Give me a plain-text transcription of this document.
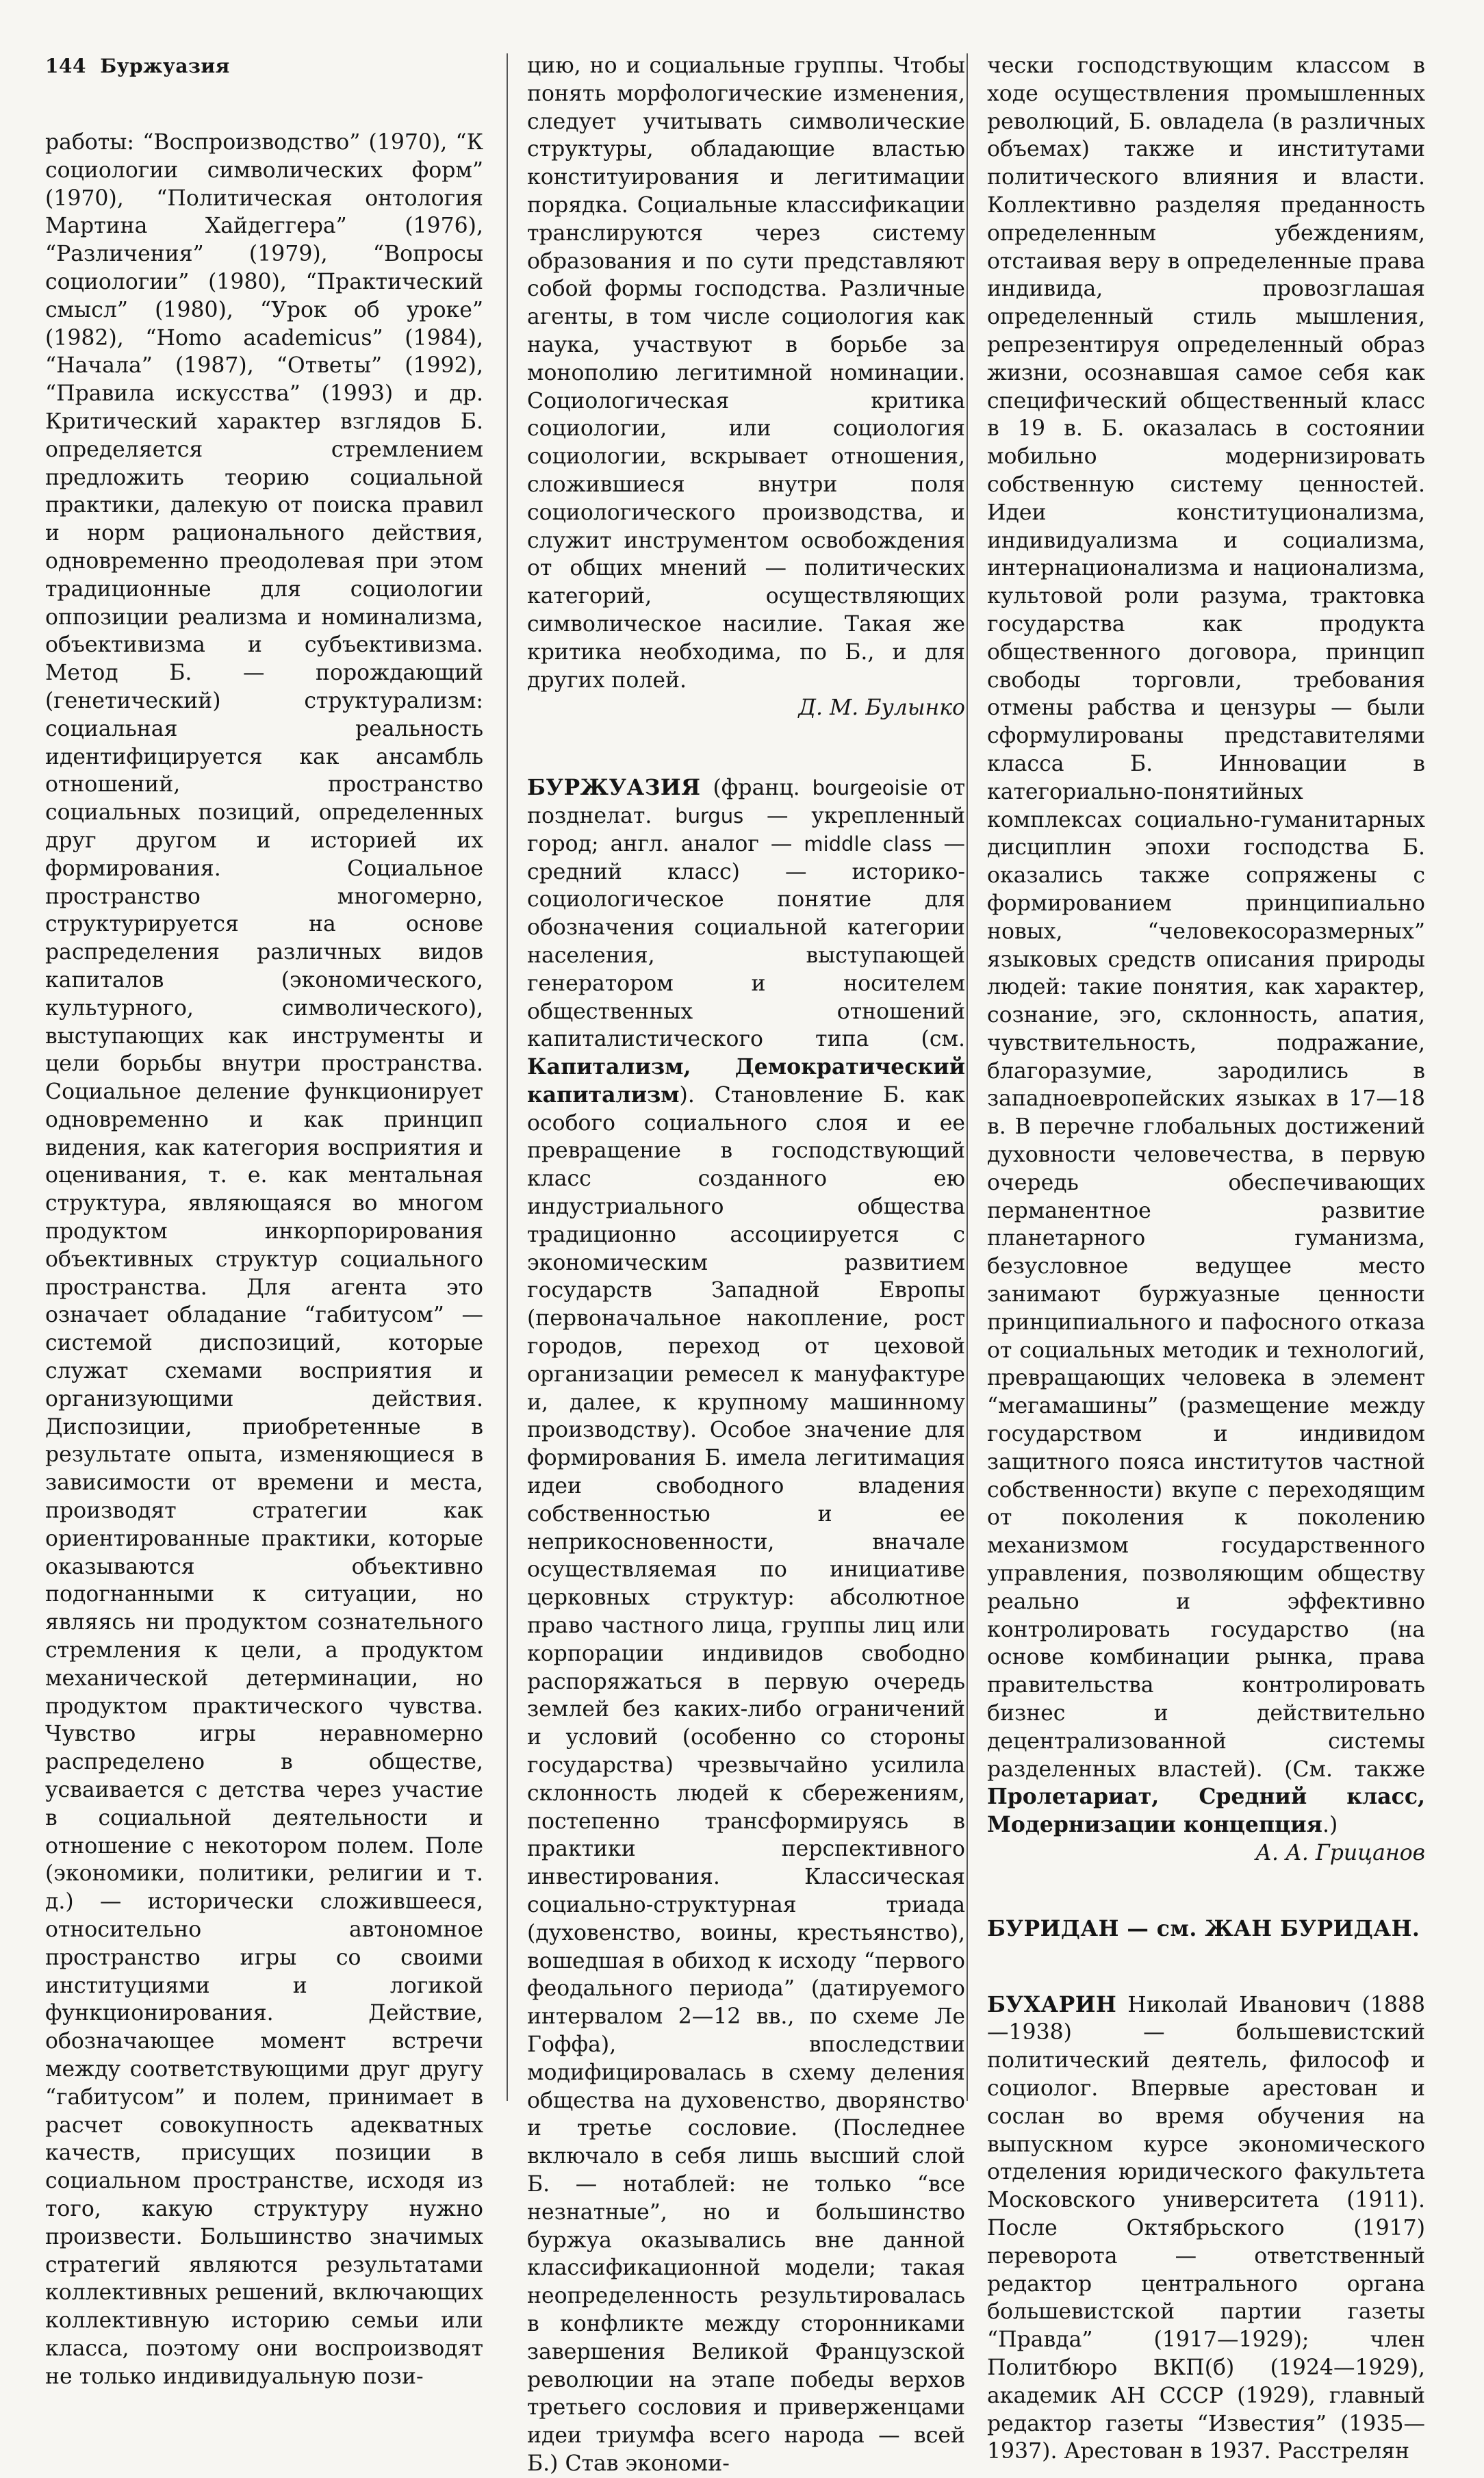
144 Буржуазия

работы: “Воспроизводство” (1970), “К социологии символических форм” (1970), “Политическая онтология Мартина Хайдеггера” (1976), “Различения” (1979), “Вопросы социологии” (1980), “Практический смысл” (1980), “Урок об уроке” (1982), “Homo academicus” (1984), “Начала” (1987), “Ответы” (1992), “Правила искусства” (1993) и др. Критический характер взглядов Б. определяется стремлением предложить теорию социальной практики, далекую от поиска правил и норм рационального действия, одновременно преодолевая при этом традиционные для социологии оппозиции реализма и номинализма, объективизма и субъективизма. Метод Б. — порождающий (генетический) структурализм: социальная реальность идентифицируется как ансамбль отношений, пространство социальных позиций, определенных друг другом и историей их формирования. Социальное пространство многомерно, структурируется на основе распределения различных видов капиталов (экономического, культурного, символического), выступающих как инструменты и цели борьбы внутри пространства. Социальное деление функционирует одновременно и как принцип видения, как категория восприятия и оценивания, т. е. как ментальная структура, являющаяся во многом продуктом инкорпорирования объективных структур социального пространства. Для агента это означает обладание “габитусом” — системой диспозиций, которые служат схемами восприятия и организующими действия. Диспозиции, приобретенные в результате опыта, изменяющиеся в зависимости от времени и места, производят стратегии как ориентированные практики, которые оказываются объективно подогнанными к ситуации, но являясь ни продуктом сознательного стремления к цели, а продуктом механической детерминации, но продуктом практического чувства. Чувство игры неравномерно распределено в обществе, усваивается с детства через участие в социальной деятельности и отношение с некотором полем. Поле (экономики, политики, религии и т. д.) — исторически сложившееся, относительно автономное пространство игры со своими институциями и логикой функционирования. Действие, обозначающее момент встречи между соответствующими друг другу “габитусом” и полем, принимает в расчет совокупность адекватных качеств, присущих позиции в социальном пространстве, исходя из того, какую структуру нужно произвести. Большинство значимых стратегий являются результатами коллективных решений, включающих коллективную историю семьи или класса, поэтому они воспроизводят не только индивидуальную пози-

цию, но и социальные группы. Чтобы понять морфологические изменения, следует учитывать символические структуры, обладающие властью конституирования и легитимации порядка. Социальные классификации транслируются через систему образования и по сути представляют собой формы господства. Различные агенты, в том числе социология как наука, участвуют в борьбе за монополию легитимной номинации. Социологическая критика социологии, или социология социологии, вскрывает отношения, сложившиеся внутри поля социологического производства, и служит инструментом освобождения от общих мнений — политических категорий, осуществляющих символическое насилие. Такая же критика необходима, по Б., и для других полей.

Д. М. Булынко

БУРЖУАЗИЯ (франц. bourgeoisie от позднелат. burgus — укрепленный город; англ. аналог — middle class — средний класс) — историко-социологическое понятие для обозначения социальной категории населения, выступающей генератором и носителем общественных отношений капиталистического типа (см. Капитализм, Демократический капитализм). Становление Б. как особого социального слоя и ее превращение в господствующий класс созданного ею индустриального общества традиционно ассоциируется с экономическим развитием государств Западной Европы (первоначальное накопление, рост городов, переход от цеховой организации ремесел к мануфактуре и, далее, к крупному машинному производству). Особое значение для формирования Б. имела легитимация идеи свободного владения собственностью и ее неприкосновенности, вначале осуществляемая по инициативе церковных структур: абсолютное право частного лица, группы лиц или корпорации индивидов свободно распоряжаться в первую очередь землей без каких-либо ограничений и условий (особенно со стороны государства) чрезвычайно усилила склонность людей к сбережениям, постепенно трансформируясь в практики перспективного инвестирования. Классическая социально-структурная триада (духовенство, воины, крестьянство), вошедшая в обиход к исходу “первого феодального периода” (датируемого интервалом 2—12 вв., по схеме Ле Гоффа), впоследствии модифицировалась в схему деления общества на духовенство, дворянство и третье сословие. (Последнее включало в себя лишь высший слой Б. — нотаблей: не только “все незнатные”, но и большинство буржуа оказывались вне данной классификационной модели; такая неопределенность результировалась в конфликте между сторонниками завершения Великой Французской революции на этапе победы верхов третьего сословия и приверженцами идеи триумфа всего народа — всей Б.) Став экономи-

чески господствующим классом в ходе осуществления промышленных революций, Б. овладела (в различных объемах) также и институтами политического влияния и власти. Коллективно разделяя преданность определенным убеждениям, отстаивая веру в определенные права индивида, провозглашая определенный стиль мышления, репрезентируя определенный образ жизни, осознавшая самое себя как специфический общественный класс в 19 в. Б. оказалась в состоянии мобильно модернизировать собственную систему ценностей. Идеи конституционализма, индивидуализма и социализма, интернационализма и национализма, культовой роли разума, трактовка государства как продукта общественного договора, принцип свободы торговли, требования отмены рабства и цензуры — были сформулированы представителями класса Б. Инновации в категориально-понятийных комплексах социально-гуманитарных дисциплин эпохи господства Б. оказались также сопряжены с формированием принципиально новых, “человекосоразмерных” языковых средств описания природы людей: такие понятия, как характер, сознание, эго, склонность, апатия, чувствительность, подражание, благоразумие, зародились в западноевропейских языках в 17—18 в. В перечне глобальных достижений духовности человечества, в первую очередь обеспечивающих перманентное развитие планетарного гуманизма, безусловное ведущее место занимают буржуазные ценности принципиального и пафосного отказа от социальных методик и технологий, превращающих человека в элемент “мегамашины” (размещение между государством и индивидом защитного пояса институтов частной собственности) вкупе с переходящим от поколения к поколению механизмом государственного управления, позволяющим обществу реально и эффективно контролировать государство (на основе комбинации рынка, права правительства контролировать бизнес и действительно децентрализованной системы разделенных властей). (См. также Пролетариат, Средний класс, Модернизации концепция.)

А. А. Грицанов

БУРИДАН — см. ЖАН БУРИДАН.

БУХАРИН Николай Иванович (1888—1938) — большевистский политический деятель, философ и социолог. Впервые арестован и сослан во время обучения на выпускном курсе экономического отделения юридического факультета Московского университета (1911). После Октябрьского (1917) переворота — ответственный редактор центрального органа большевистской партии газеты “Правда” (1917—1929); член Политбюро ВКП(б) (1924—1929), академик АН СССР (1929), главный редактор газеты “Известия” (1935—1937). Арестован в 1937. Расстрелян
